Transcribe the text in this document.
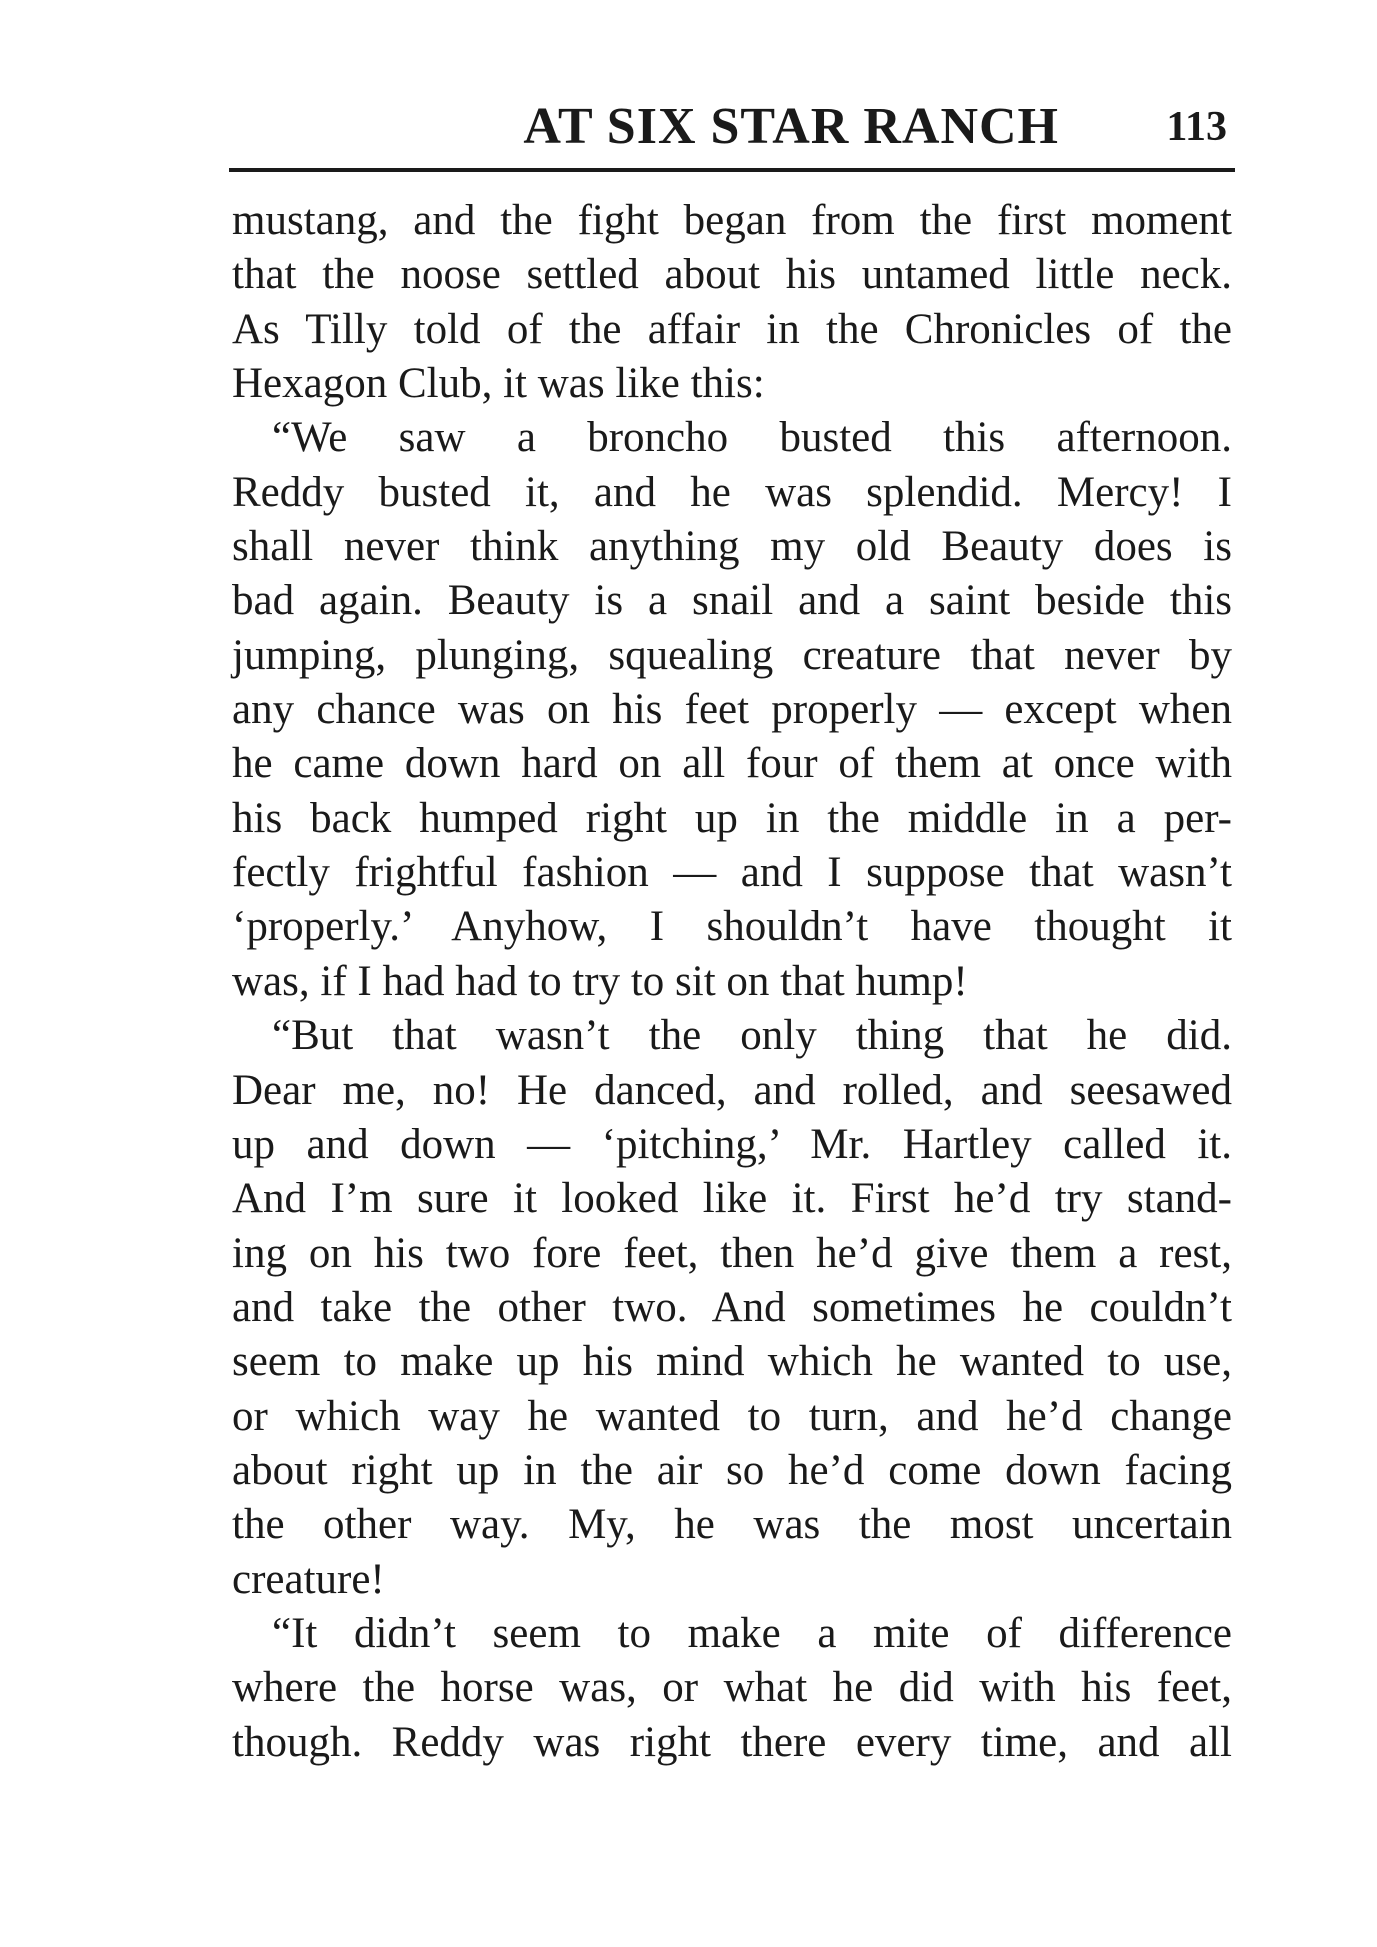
AT SIX STAR RANCH	113
mustang, and the fight began from the first moment
that the noose settled about his untamed little neck.
As Tilly told of the affair in the Chronicles of the
Hexagon Club, it was like this:
“We saw a broncho busted this afternoon.
Reddy busted it, and he was splendid. Mercy! I
shall never think anything my old Beauty does is
bad again. Beauty is a snail and a saint beside this
jumping, plunging, squealing creature that never by
any chance was on his feet properly — except when
he came down hard on all four of them at once with
his back humped right up in the middle in a per-
fectly frightful fashion — and I suppose that wasn’t
‘properly.’ Anyhow, I shouldn’t have thought it
was, if I had had to try to sit on that hump!
“But that wasn’t the only thing that he did.
Dear me, no! He danced, and rolled, and seesawed
up and down — ‘pitching,’ Mr. Hartley called it.
And I’m sure it looked like it. First he’d try stand-
ing on his two fore feet, then he’d give them a rest,
and take the other two. And sometimes he couldn’t
seem to make up his mind which he wanted to use,
or which way he wanted to turn, and he’d change
about right up in the air so he’d come down facing
the other way. My, he was the most uncertain
creature!
“It didn’t seem to make a mite of difference
where the horse was, or what he did with his feet,
though. Reddy was right there every time, and all
